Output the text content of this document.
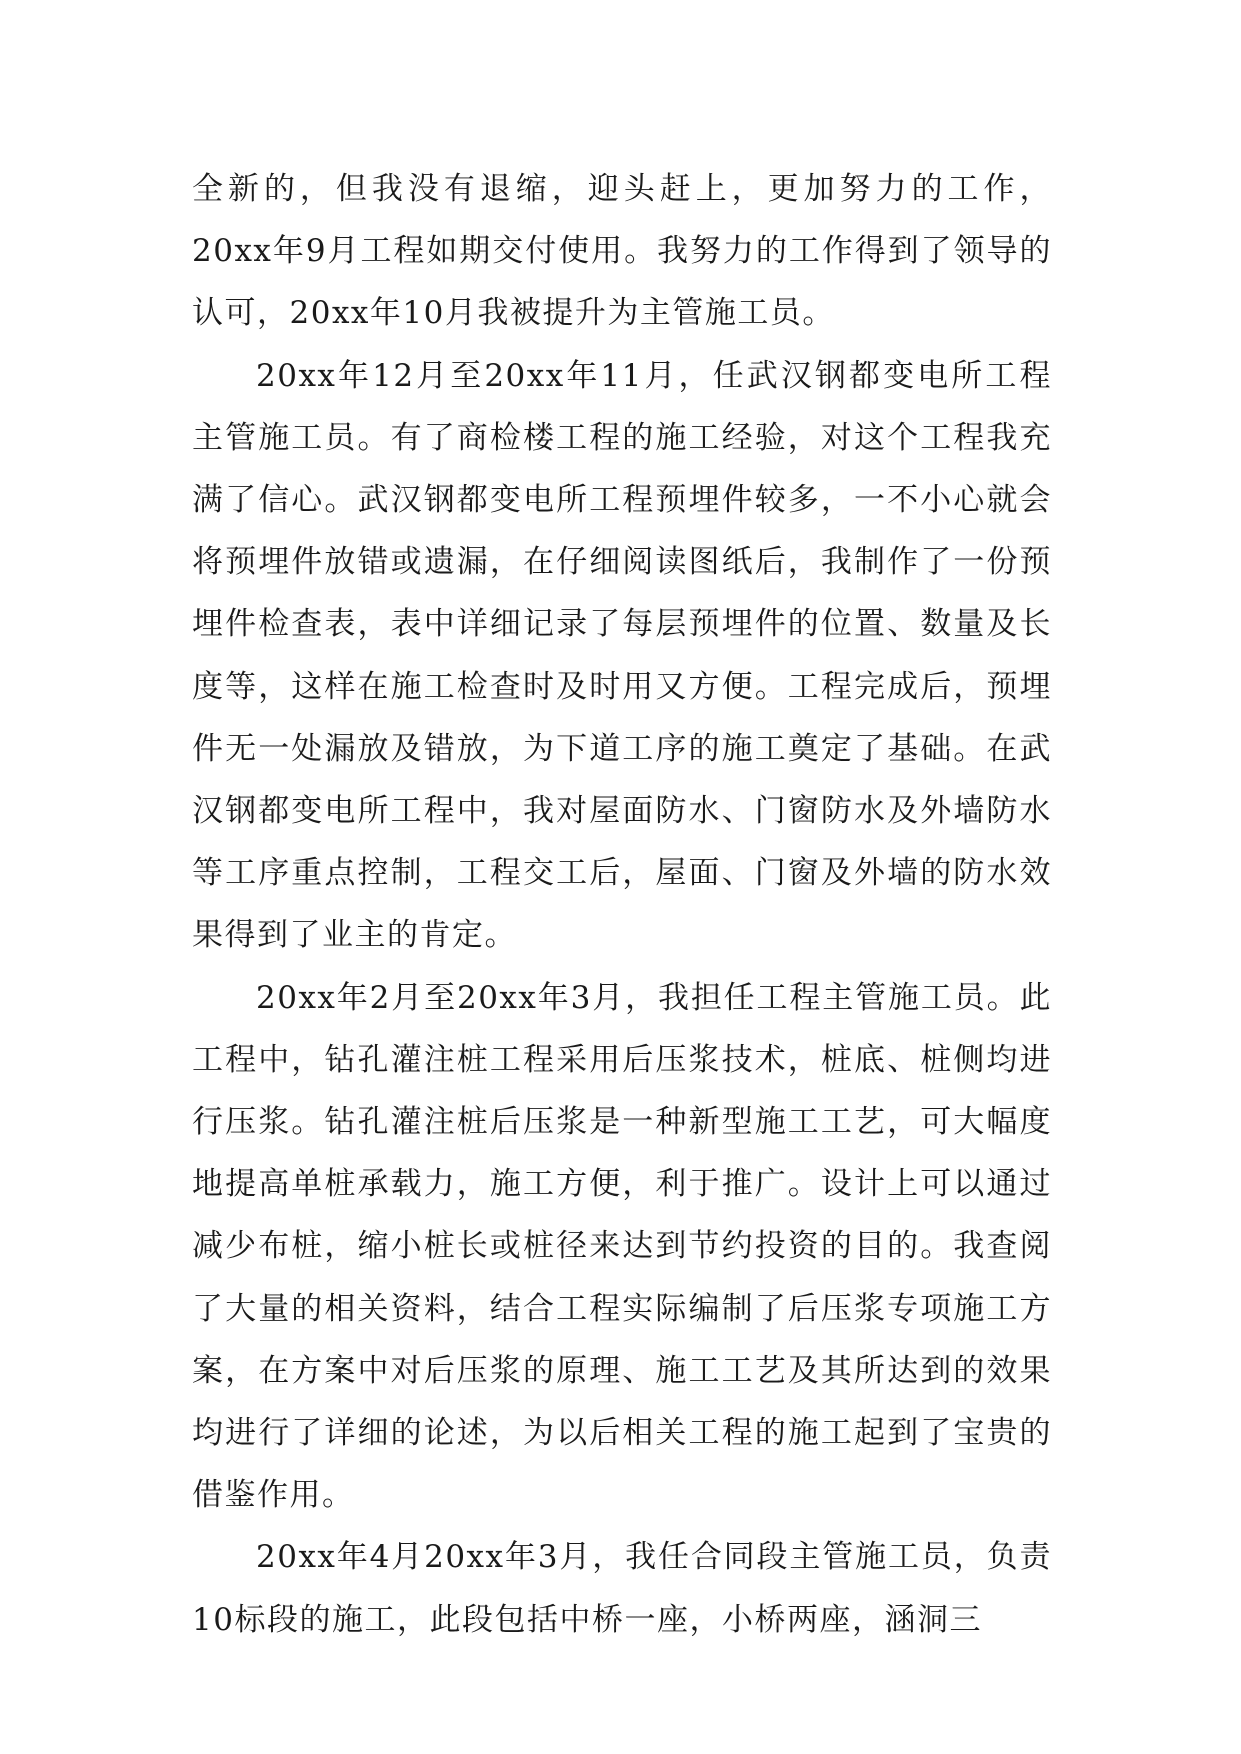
全新的，但我没有退缩，迎头赶上，更加努力的工作，20xx年9月工程如期交付使用。我努力的工作得到了领导的认可，20xx年10月我被提升为主管施工员。

20xx年12月至20xx年11月，任武汉钢都变电所工程主管施工员。有了商检楼工程的施工经验，对这个工程我充满了信心。武汉钢都变电所工程预埋件较多，一不小心就会将预埋件放错或遗漏，在仔细阅读图纸后，我制作了一份预埋件检查表，表中详细记录了每层预埋件的位置、数量及长度等，这样在施工检查时及时用又方便。工程完成后，预埋件无一处漏放及错放，为下道工序的施工奠定了基础。在武汉钢都变电所工程中，我对屋面防水、门窗防水及外墙防水等工序重点控制，工程交工后，屋面、门窗及外墙的防水效果得到了业主的肯定。

20xx年2月至20xx年3月，我担任工程主管施工员。此工程中，钻孔灌注桩工程采用后压浆技术，桩底、桩侧均进行压浆。钻孔灌注桩后压浆是一种新型施工工艺，可大幅度地提高单桩承载力，施工方便，利于推广。设计上可以通过减少布桩，缩小桩长或桩径来达到节约投资的目的。我查阅了大量的相关资料，结合工程实际编制了后压浆专项施工方案，在方案中对后压浆的原理、施工工艺及其所达到的效果均进行了详细的论述，为以后相关工程的施工起到了宝贵的借鉴作用。

20xx年4月20xx年3月，我任合同段主管施工员，负责10标段的施工，此段包括中桥一座，小桥两座，涵洞三
